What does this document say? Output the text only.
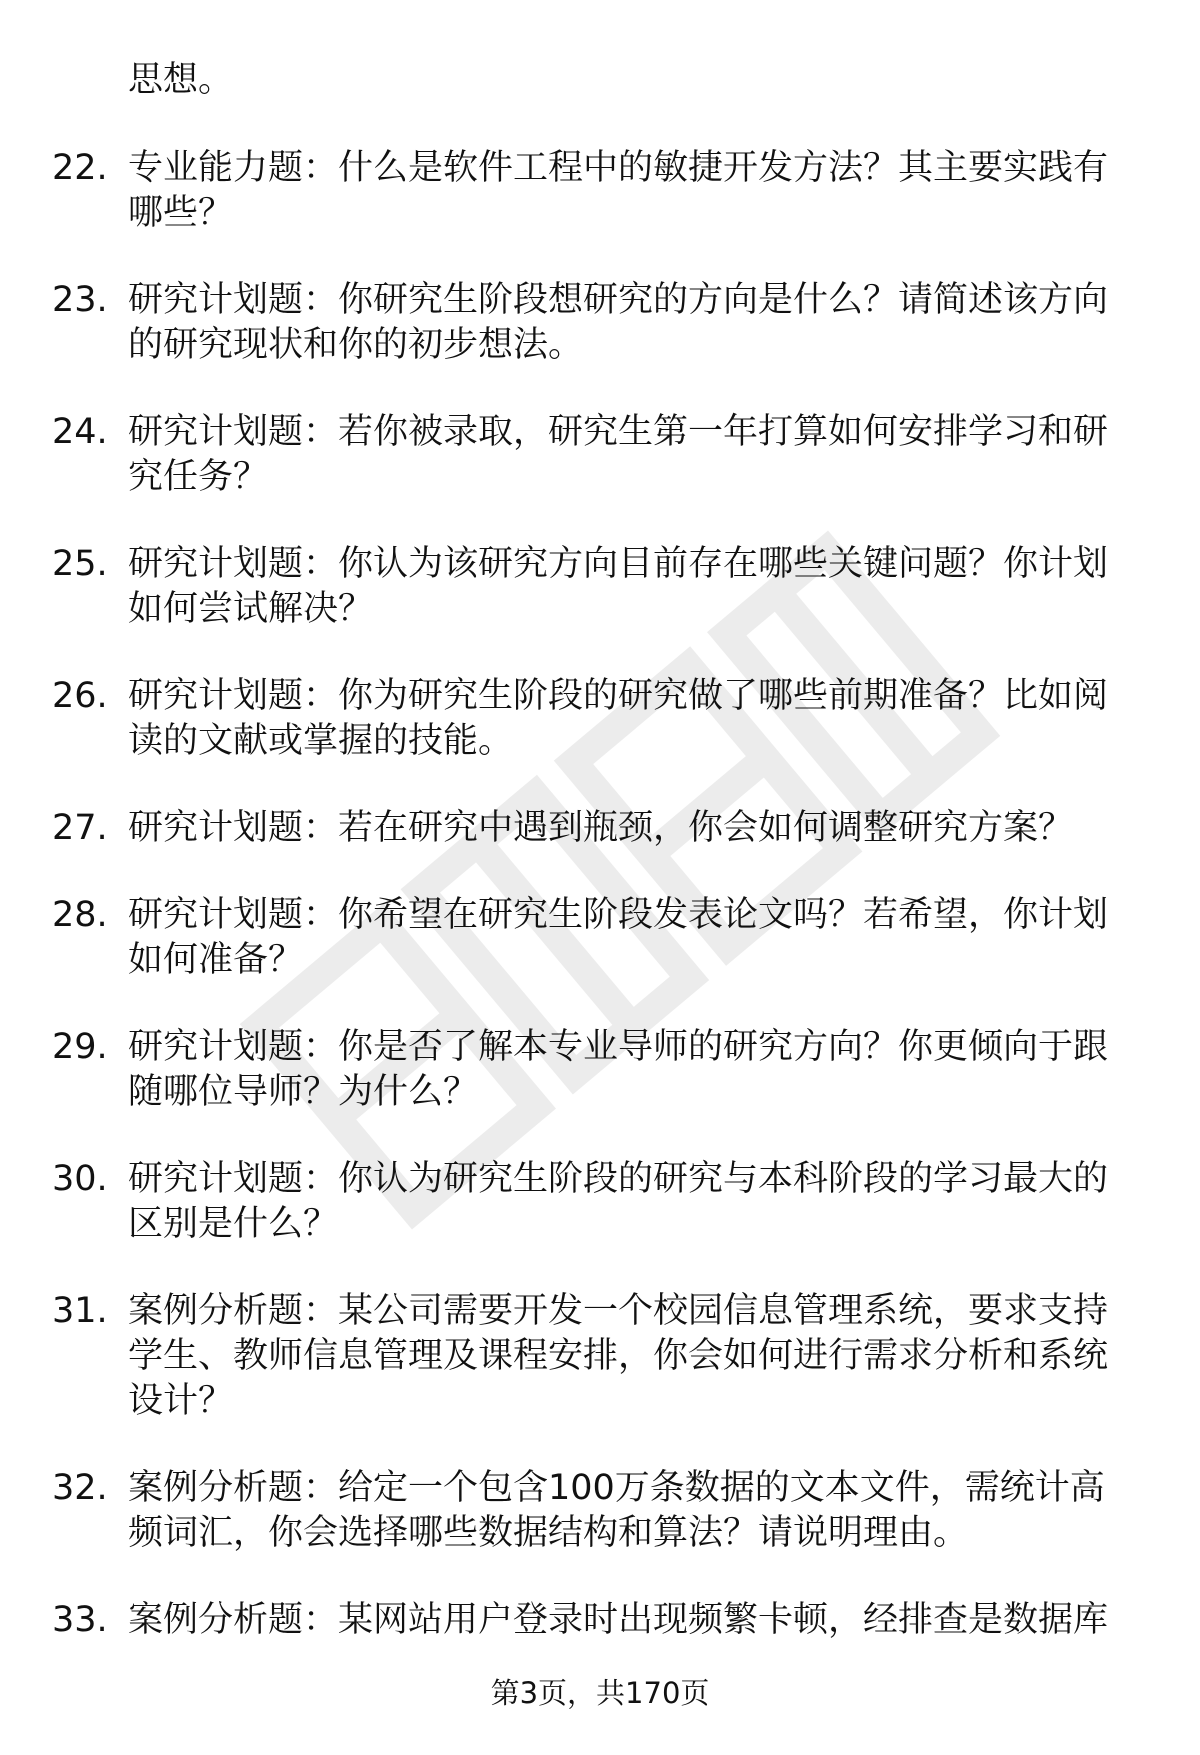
思想。

22. 专业能力题：什么是软件工程中的敏捷开发方法？其主要实践有哪些？
23. 研究计划题：你研究生阶段想研究的方向是什么？请简述该方向的研究现状和你的初步想法。
24. 研究计划题：若你被录取，研究生第一年打算如何安排学习和研究任务？
25. 研究计划题：你认为该研究方向目前存在哪些关键问题？你计划如何尝试解决？
26. 研究计划题：你为研究生阶段的研究做了哪些前期准备？比如阅读的文献或掌握的技能。
27. 研究计划题：若在研究中遇到瓶颈，你会如何调整研究方案？
28. 研究计划题：你希望在研究生阶段发表论文吗？若希望，你计划如何准备？
29. 研究计划题：你是否了解本专业导师的研究方向？你更倾向于跟随哪位导师？为什么？
30. 研究计划题：你认为研究生阶段的研究与本科阶段的学习最大的区别是什么？
31. 案例分析题：某公司需要开发一个校园信息管理系统，要求支持学生、教师信息管理及课程安排，你会如何进行需求分析和系统设计？
32. 案例分析题：给定一个包含100万条数据的文本文件，需统计高频词汇，你会选择哪些数据结构和算法？请说明理由。
33. 案例分析题：某网站用户登录时出现频繁卡顿，经排查是数据库

第3页，共170页
